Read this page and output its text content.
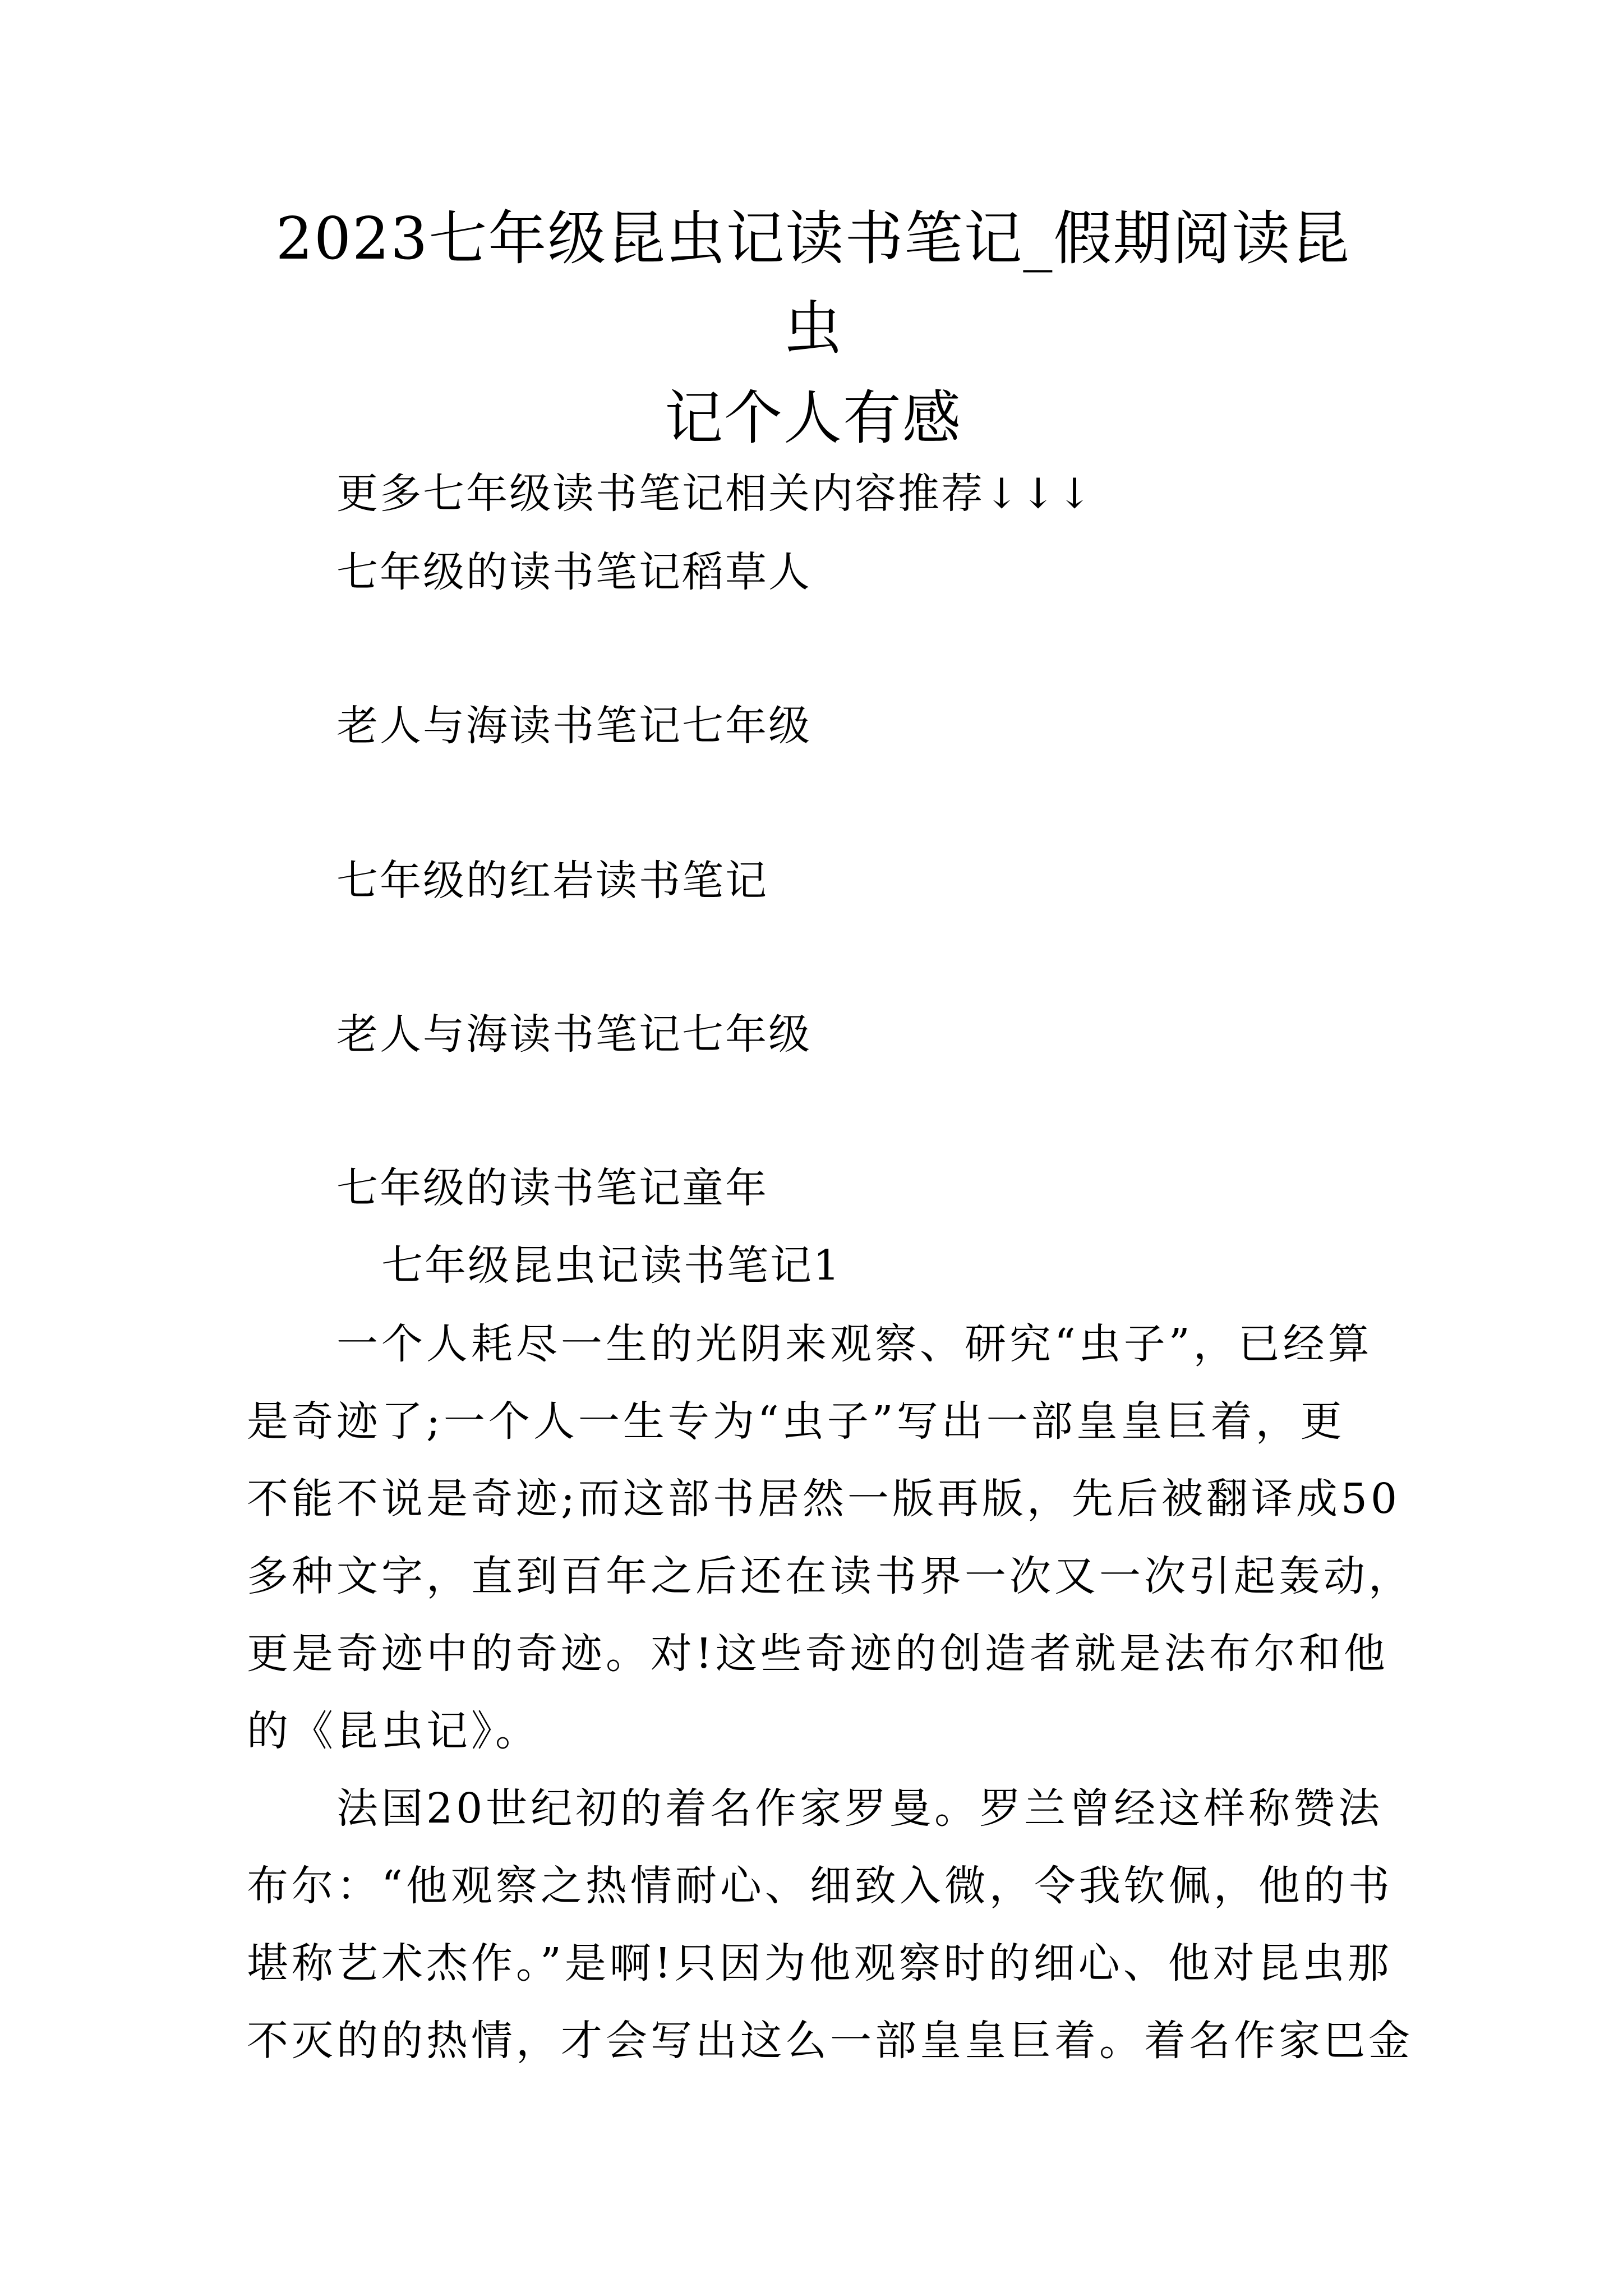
2023七年级昆虫记读书笔记_假期阅读昆虫
记个人有感
更多七年级读书笔记相关内容推荐↓↓↓
七年级的读书笔记稻草人
老人与海读书笔记七年级
七年级的红岩读书笔记
老人与海读书笔记七年级
七年级的读书笔记童年
七年级昆虫记读书笔记1
一个人耗尽一生的光阴来观察、研究“虫子”，已经算
是奇迹了;一个人一生专为“虫子”写出一部皇皇巨着，更
不能不说是奇迹;而这部书居然一版再版，先后被翻译成50
多种文字，直到百年之后还在读书界一次又一次引起轰动，
更是奇迹中的奇迹。对!这些奇迹的创造者就是法布尔和他
的《昆虫记》。
法国20世纪初的着名作家罗曼。罗兰曾经这样称赞法
布尔：“他观察之热情耐心、细致入微，令我钦佩，他的书
堪称艺术杰作。”是啊!只因为他观察时的细心、他对昆虫那
不灭的的热情，才会写出这么一部皇皇巨着。着名作家巴金
